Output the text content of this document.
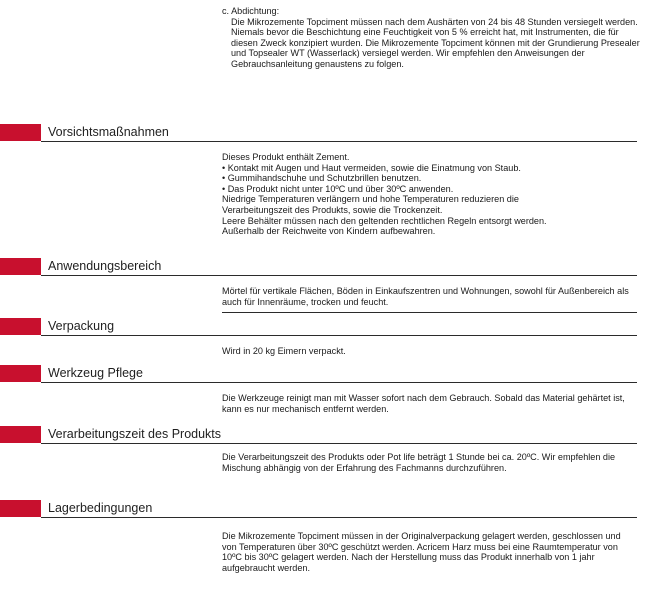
c. Abdichtung:
Die Mikrozemente Topciment müssen nach dem Aushärten von 24 bis 48 Stunden versiegelt werden. Niemals bevor die Beschichtung eine Feuchtigkeit von 5 % erreicht hat, mit Instrumenten, die für diesen Zweck konzipiert wurden. Die Mikrozemente Topciment können mit der Grundierung Presealer und Topsealer WT (Wasserlack) versiegel werden. Wir empfehlen den Anweisungen der Gebrauchsanleitung genaustens zu folgen.
Vorsichtsmaßnahmen
Dieses Produkt enthält Zement.
• Kontakt mit Augen und Haut vermeiden, sowie die Einatmung von Staub.
• Gummihandschuhe und Schutzbrillen benutzen.
• Das Produkt nicht unter 10ºC und über 30ºC anwenden.
Niedrige Temperaturen verlängern und hohe Temperaturen reduzieren die
Verarbeitungszeit des Produkts, sowie die Trockenzeit.
Leere Behälter müssen nach den geltenden rechtlichen Regeln entsorgt werden.
Außerhalb der Reichweite von Kindern aufbewahren.
Anwendungsbereich
Mörtel für vertikale Flächen, Böden in Einkaufszentren und Wohnungen, sowohl für Außenbereich als auch für Innenräume, trocken und feucht.
Verpackung
Wird in 20 kg Eimern verpackt.
Werkzeug Pflege
Die Werkzeuge reinigt man mit Wasser sofort nach dem Gebrauch. Sobald das Material gehärtet ist, kann es nur mechanisch entfernt werden.
Verarbeitungszeit des Produkts
Die Verarbeitungszeit des Produkts oder Pot life beträgt 1 Stunde bei ca. 20ºC. Wir empfehlen die Mischung abhängig von der Erfahrung des Fachmanns durchzuführen.
Lagerbedingungen
Die Mikrozemente Topciment müssen in der Originalverpackung gelagert werden, geschlossen und von Temperaturen über 30ºC geschützt werden. Acricem Harz muss bei eine Raumtemperatur von 10ºC bis 30ºC gelagert werden. Nach der Herstellung muss das Produkt innerhalb von 1 jahr aufgebraucht werden.
